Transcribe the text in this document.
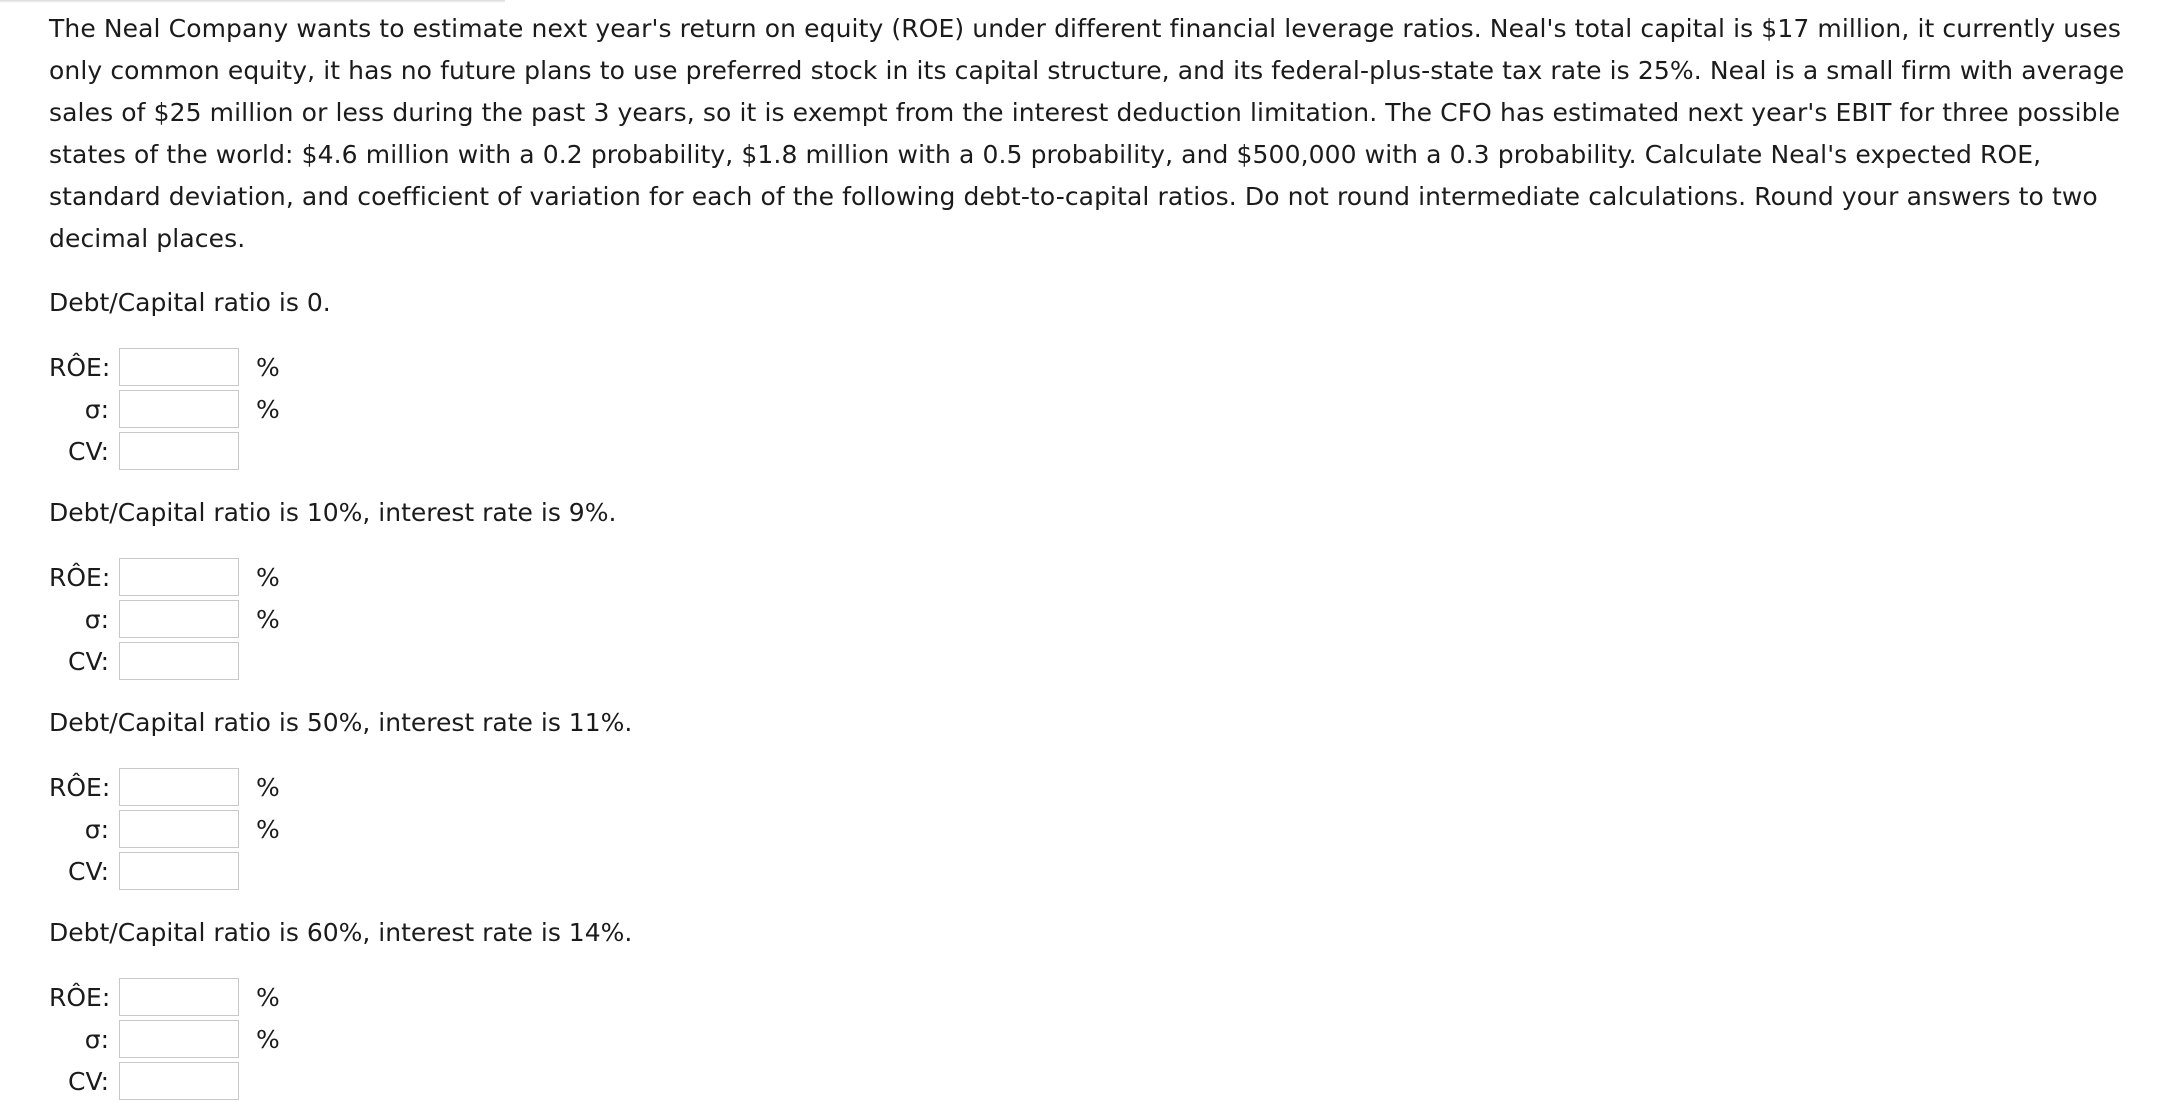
The Neal Company wants to estimate next year's return on equity (ROE) under different financial leverage ratios. Neal's total capital is $17 million, it currently uses only common equity, it has no future plans to use preferred stock in its capital structure, and its federal-plus-state tax rate is 25%. Neal is a small firm with average sales of $25 million or less during the past 3 years, so it is exempt from the interest deduction limitation. The CFO has estimated next year's EBIT for three possible states of the world: $4.6 million with a 0.2 probability, $1.8 million with a 0.5 probability, and $500,000 with a 0.3 probability. Calculate Neal's expected ROE, standard deviation, and coefficient of variation for each of the following debt-to-capital ratios. Do not round intermediate calculations. Round your answers to two decimal places.

Debt/Capital ratio is 0.

RÔE:	%
σ:	%
CV:

Debt/Capital ratio is 10%, interest rate is 9%.

RÔE:	%
σ:	%
CV:

Debt/Capital ratio is 50%, interest rate is 11%.

RÔE:	%
σ:	%
CV:

Debt/Capital ratio is 60%, interest rate is 14%.

RÔE:	%
σ:	%
CV:
